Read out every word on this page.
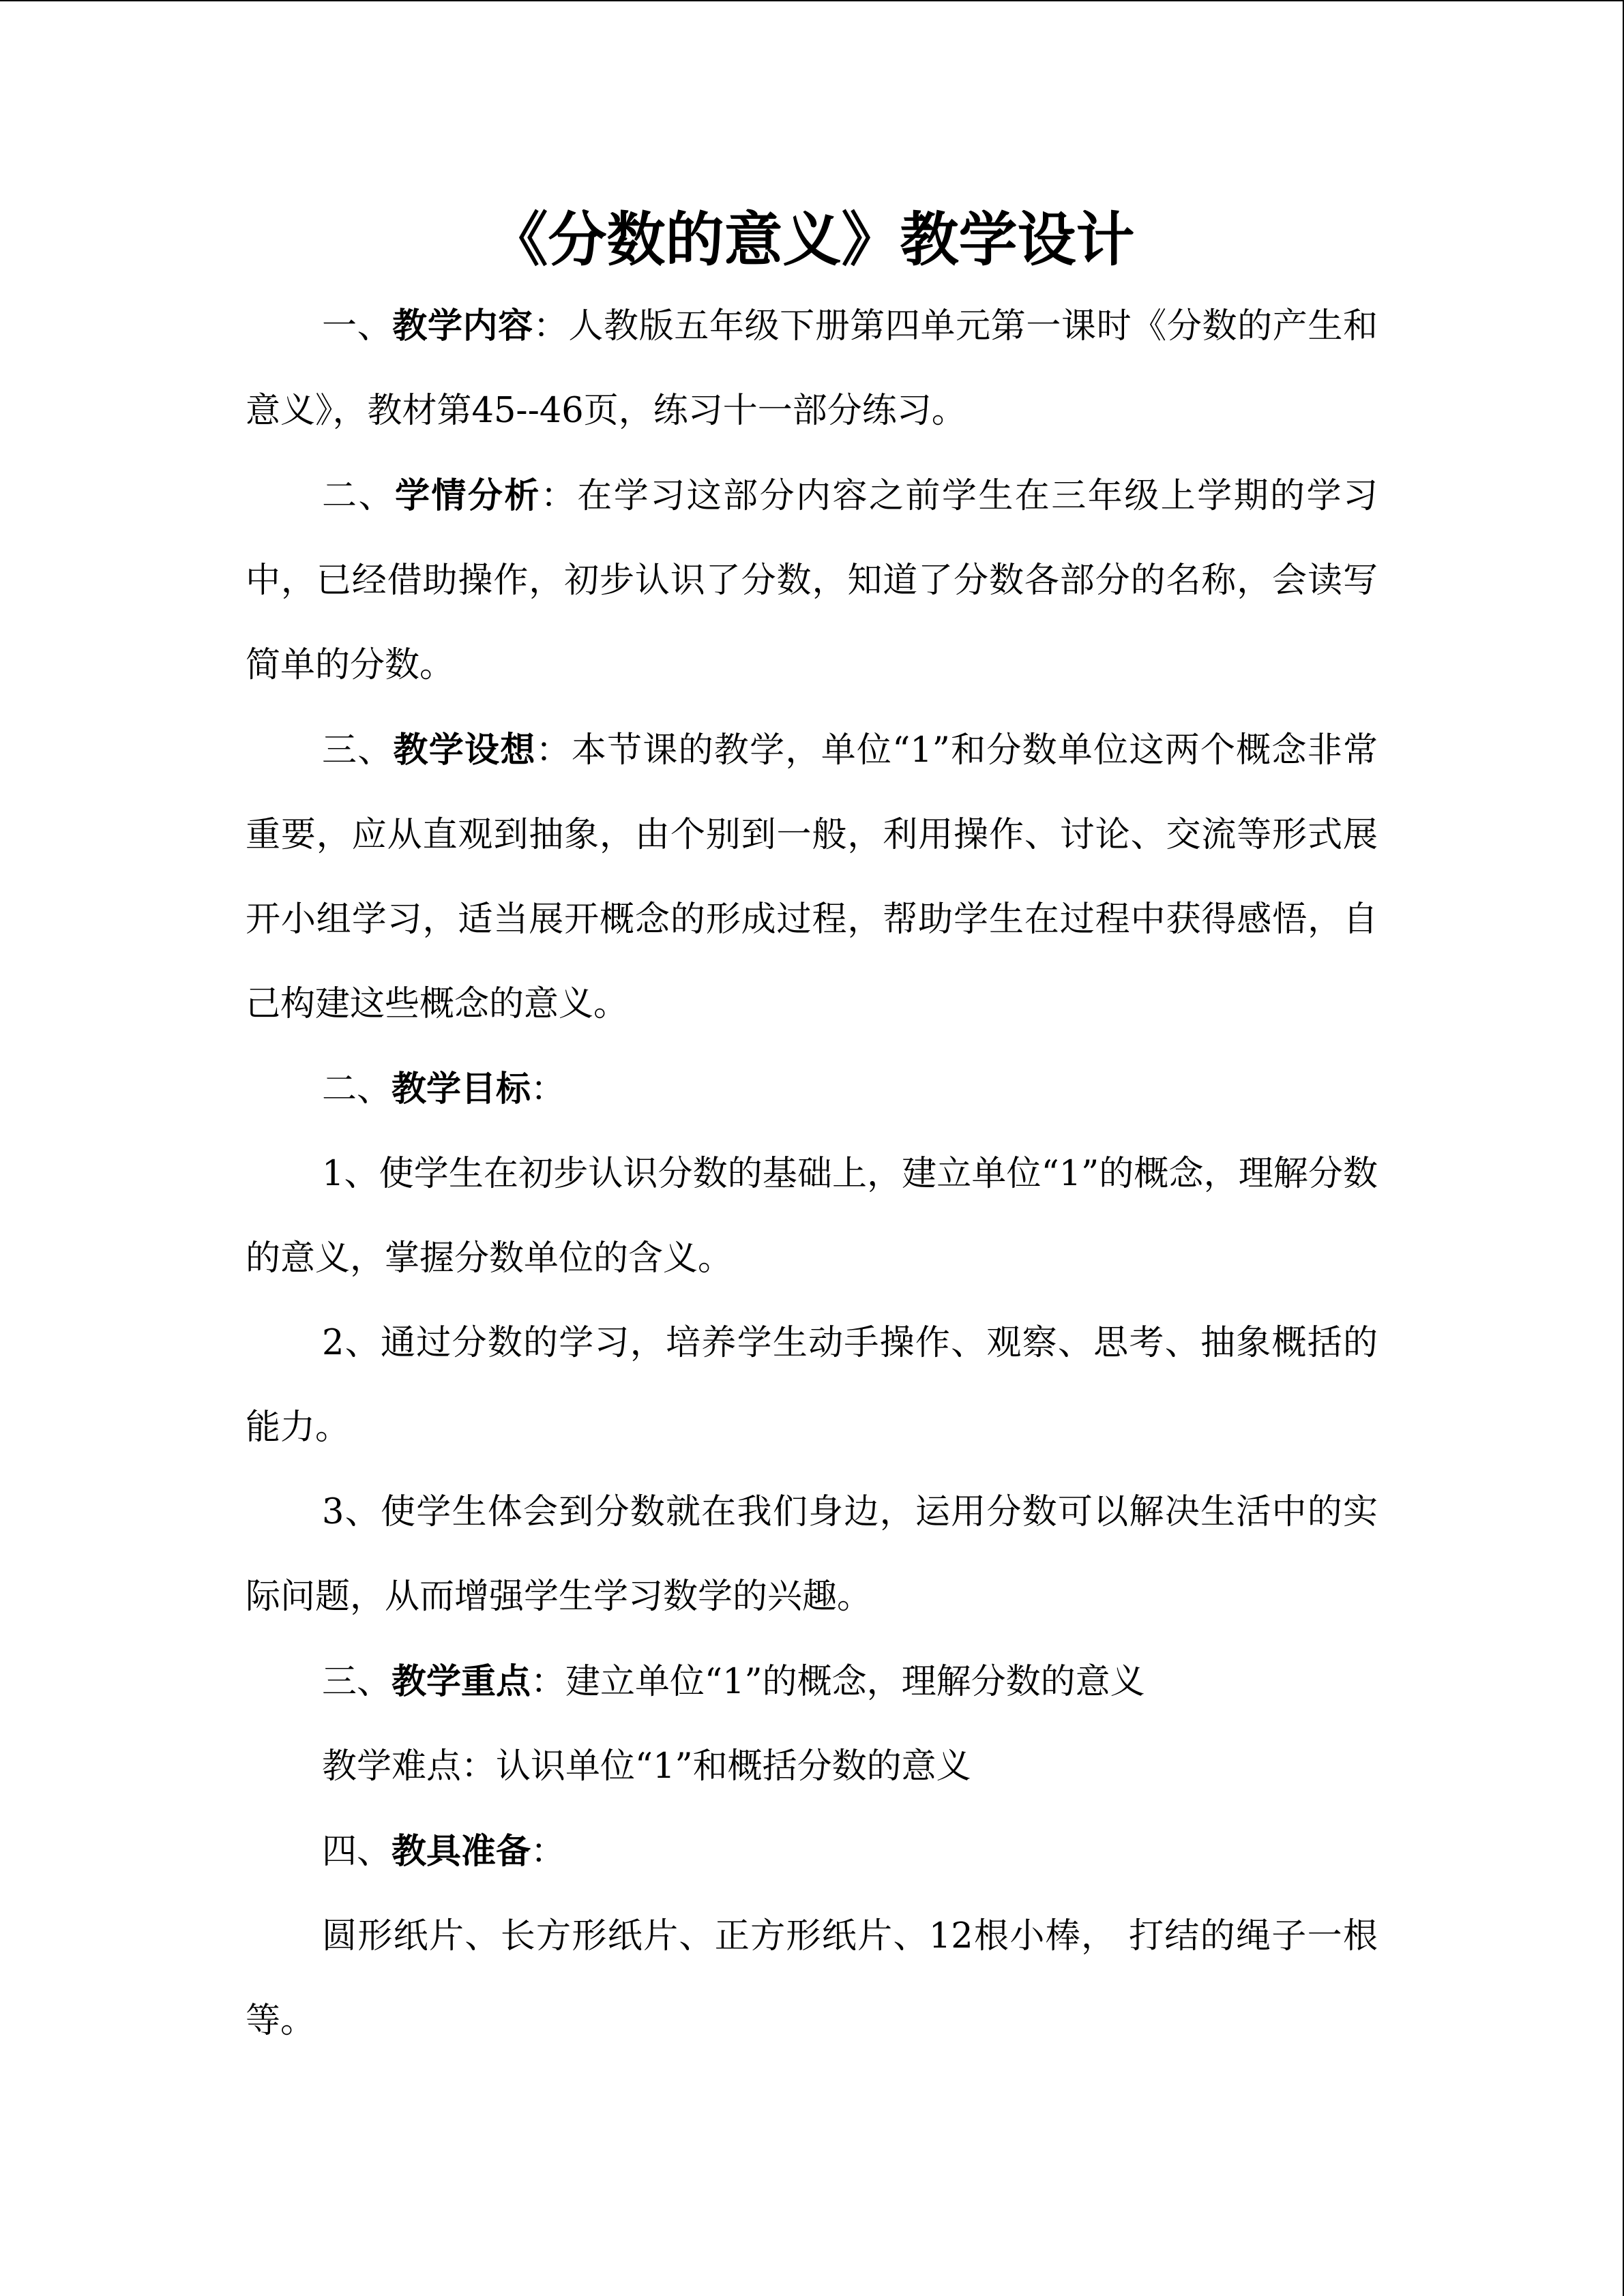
《分数的意义》教学设计

一、教学内容：人教版五年级下册第四单元第一课时《分数的产生和意义》，教材第45--46页，练习十一部分练习。

二、学情分析：在学习这部分内容之前学生在三年级上学期的学习中，已经借助操作，初步认识了分数，知道了分数各部分的名称，会读写简单的分数。

三、教学设想：本节课的教学，单位“1”和分数单位这两个概念非常重要，应从直观到抽象，由个别到一般，利用操作、讨论、交流等形式展开小组学习，适当展开概念的形成过程，帮助学生在过程中获得感悟，自己构建这些概念的意义。

二、教学目标：

1、使学生在初步认识分数的基础上，建立单位“1”的概念，理解分数的意义，掌握分数单位的含义。

2、通过分数的学习，培养学生动手操作、观察、思考、抽象概括的能力。

3、使学生体会到分数就在我们身边，运用分数可以解决生活中的实际问题，从而增强学生学习数学的兴趣。

三、教学重点：建立单位“1”的概念，理解分数的意义

教学难点：认识单位“1”和概括分数的意义

四、教具准备：

圆形纸片、长方形纸片、正方形纸片、12根小棒， 打结的绳子一根等。
